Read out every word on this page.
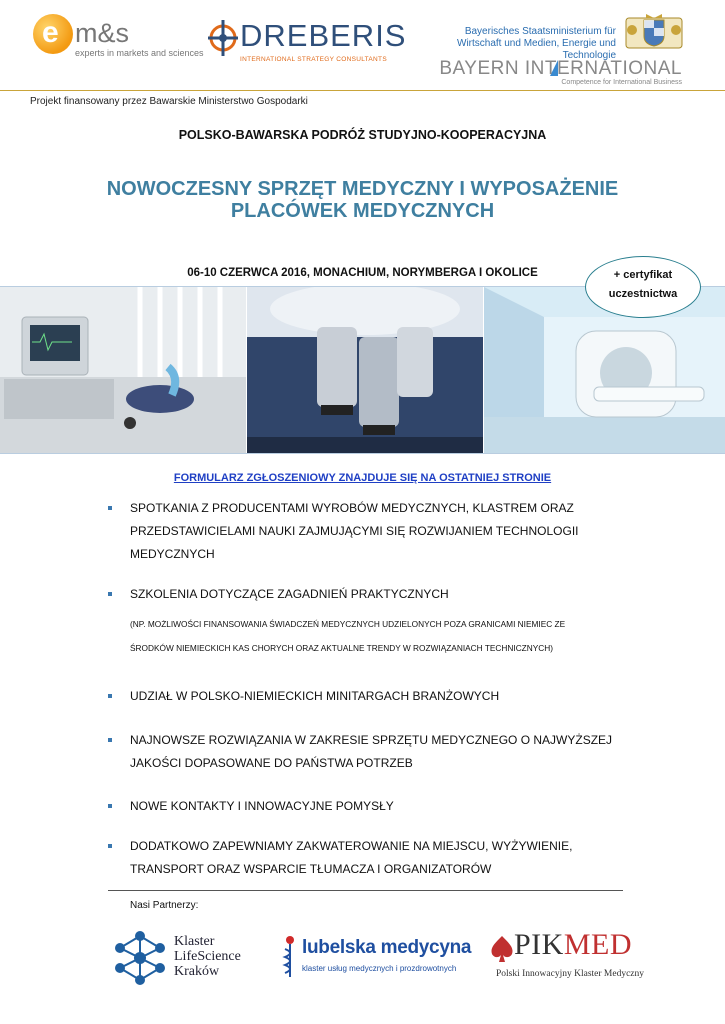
e m&s
experts in markets and sciences DREBERIS
INTERNATIONAL STRATEGY CONSULTANTS
Bayerisches Staatsministerium für
Wirtschaft und Medien, Energie und Technologie
BAYERN INTERNATIONAL
Competence for International Business
Projekt finansowany przez Bawarskie Ministerstwo Gospodarki
POLSKO-BAWARSKA PODRÓŻ STUDYJNO-KOOPERACYJNA
NOWOCZESNY SPRZĘT MEDYCZNY I WYPOSAŻENIE
PLACÓWEK MEDYCZNYCH
06-10 CZERWCA 2016, MONACHIUM, NORYMBERGA I OKOLICE	+ certyfikat
uczestnictwa
FORMULARZ ZGŁOSZENIOWY ZNAJDUJE SIĘ NA OSTATNIEJ STRONIE
SPOTKANIA Z PRODUCENTAMI WYROBÓW MEDYCZNYCH, KLASTREM ORAZ
PRZEDSTAWICIELAMI NAUKI ZAJMUJĄCYMI SIĘ ROZWIJANIEM TECHNOLOGII
MEDYCZNYCH
SZKOLENIA DOTYCZĄCE ZAGADNIEŃ PRAKTYCZNYCH
(NP. MOŻLIWOŚCI FINANSOWANIA ŚWIADCZEŃ MEDYCZNYCH UDZIELONYCH POZA GRANICAMI NIEMIEC ZE
ŚRODKÓW NIEMIECKICH KAS CHORYCH ORAZ AKTUALNE TRENDY W ROZWIĄZANIACH TECHNICZNYCH)
UDZIAŁ W POLSKO-NIEMIECKICH MINITARGACH BRANŻOWYCH
NAJNOWSZE ROZWIĄZANIA W ZAKRESIE SPRZĘTU MEDYCZNEGO O NAJWYŻSZEJ
JAKOŚCI DOPASOWANE DO PAŃSTWA POTRZEB
NOWE KONTAKTY I INNOWACYJNE POMYSŁY
DODATKOWO ZAPEWNIAMY ZAKWATEROWANIE NA MIEJSCU, WYŻYWIENIE,
TRANSPORT ORAZ WSPARCIE TŁUMACZA I ORGANIZATORÓW
Nasi Partnerzy:
Klaster
LifeScience
Kraków
lubelska medycyna
klaster usług medycznych i prozdrowotnych
PIKMED
Polski Innowacyjny Klaster Medyczny
